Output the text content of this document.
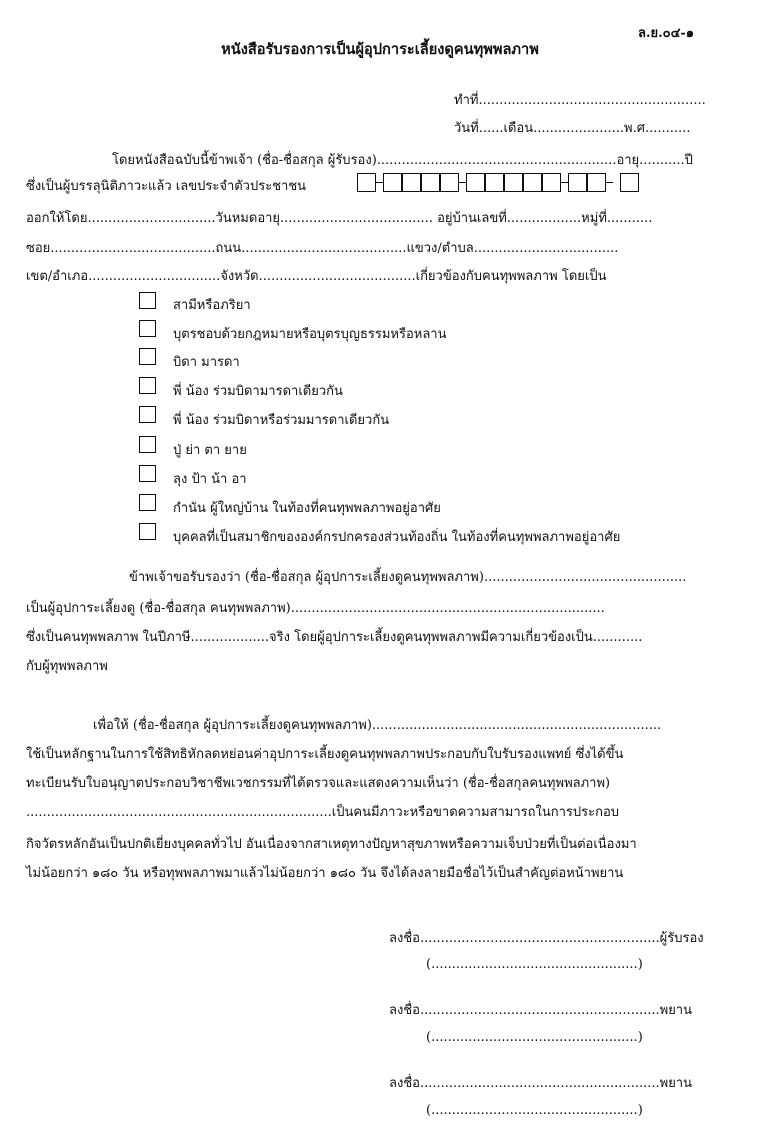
ล.ย.๐๔-๑
หนังสือรับรองการเป็นผู้อุปการะเลี้ยงดูคนทุพพลภาพ
ทำที่.......................................................
วันที่......เดือน......................พ.ศ...........
โดยหนังสือฉบับนี้ข้าพเจ้า (ชื่อ-ชื่อสกุล ผู้รับรอง)..........................................................อายุ...........ปี
ซึ่งเป็นผู้บรรลุนิติภาวะแล้ว เลขประจำตัวประชาชน
ออกให้โดย...............................วันหมดอายุ..................................... อยู่บ้านเลขที่..................หมู่ที่...........
ซอย........................................ถนน........................................แขวง/ตำบล...................................
เขต/อำเภอ................................จังหวัด......................................เกี่ยวข้องกับคนทุพพลภาพ โดยเป็น
สามีหรือภริยา
บุตรชอบด้วยกฎหมายหรือบุตรบุญธรรมหรือหลาน
บิดา มารดา
พี่ น้อง ร่วมบิดามารดาเดียวกัน
พี่ น้อง ร่วมบิดาหรือร่วมมารดาเดียวกัน
ปู่ ย่า ตา ยาย
ลุง ป้า น้า อา
กำนัน ผู้ใหญ่บ้าน ในท้องที่คนทุพพลภาพอยู่อาศัย
บุคคลที่เป็นสมาชิกขององค์กรปกครองส่วนท้องถิ่น ในท้องที่คนทุพพลภาพอยู่อาศัย
ข้าพเจ้าขอรับรองว่า (ชื่อ-ชื่อสกุล ผู้อุปการะเลี้ยงดูคนทุพพลภาพ).................................................
เป็นผู้อุปการะเลี้ยงดู (ชื่อ-ชื่อสกุล คนทุพพลภาพ)............................................................................
ซึ่งเป็นคนทุพพลภาพ ในปีภาษี...................จริง โดยผู้อุปการะเลี้ยงดูคนทุพพลภาพมีความเกี่ยวข้องเป็น............
กับผู้ทุพพลภาพ
เพื่อให้ (ชื่อ-ชื่อสกุล ผู้อุปการะเลี้ยงดูคนทุพพลภาพ)......................................................................
ใช้เป็นหลักฐานในการใช้สิทธิหักลดหย่อนค่าอุปการะเลี้ยงดูคนทุพพลภาพประกอบกับใบรับรองแพทย์ ซึ่งได้ขึ้น
ทะเบียนรับใบอนุญาตประกอบวิชาชีพเวชกรรมที่ได้ตรวจและแสดงความเห็นว่า (ชื่อ-ชื่อสกุลคนทุพพลภาพ)
..........................................................................เป็นคนมีภาวะหรือขาดความสามารถในการประกอบ
กิจวัตรหลักอันเป็นปกติเยี่ยงบุคคลทั่วไป อันเนื่องจากสาเหตุทางปัญหาสุขภาพหรือความเจ็บป่วยที่เป็นต่อเนื่องมา
ไม่น้อยกว่า ๑๘๐ วัน หรือทุพพลภาพมาแล้วไม่น้อยกว่า ๑๘๐ วัน จึงได้ลงลายมือชื่อไว้เป็นสำคัญต่อหน้าพยาน
ลงชื่อ..........................................................ผู้รับรอง
(..................................................)
ลงชื่อ..........................................................พยาน
(..................................................)
ลงชื่อ..........................................................พยาน
(..................................................)
